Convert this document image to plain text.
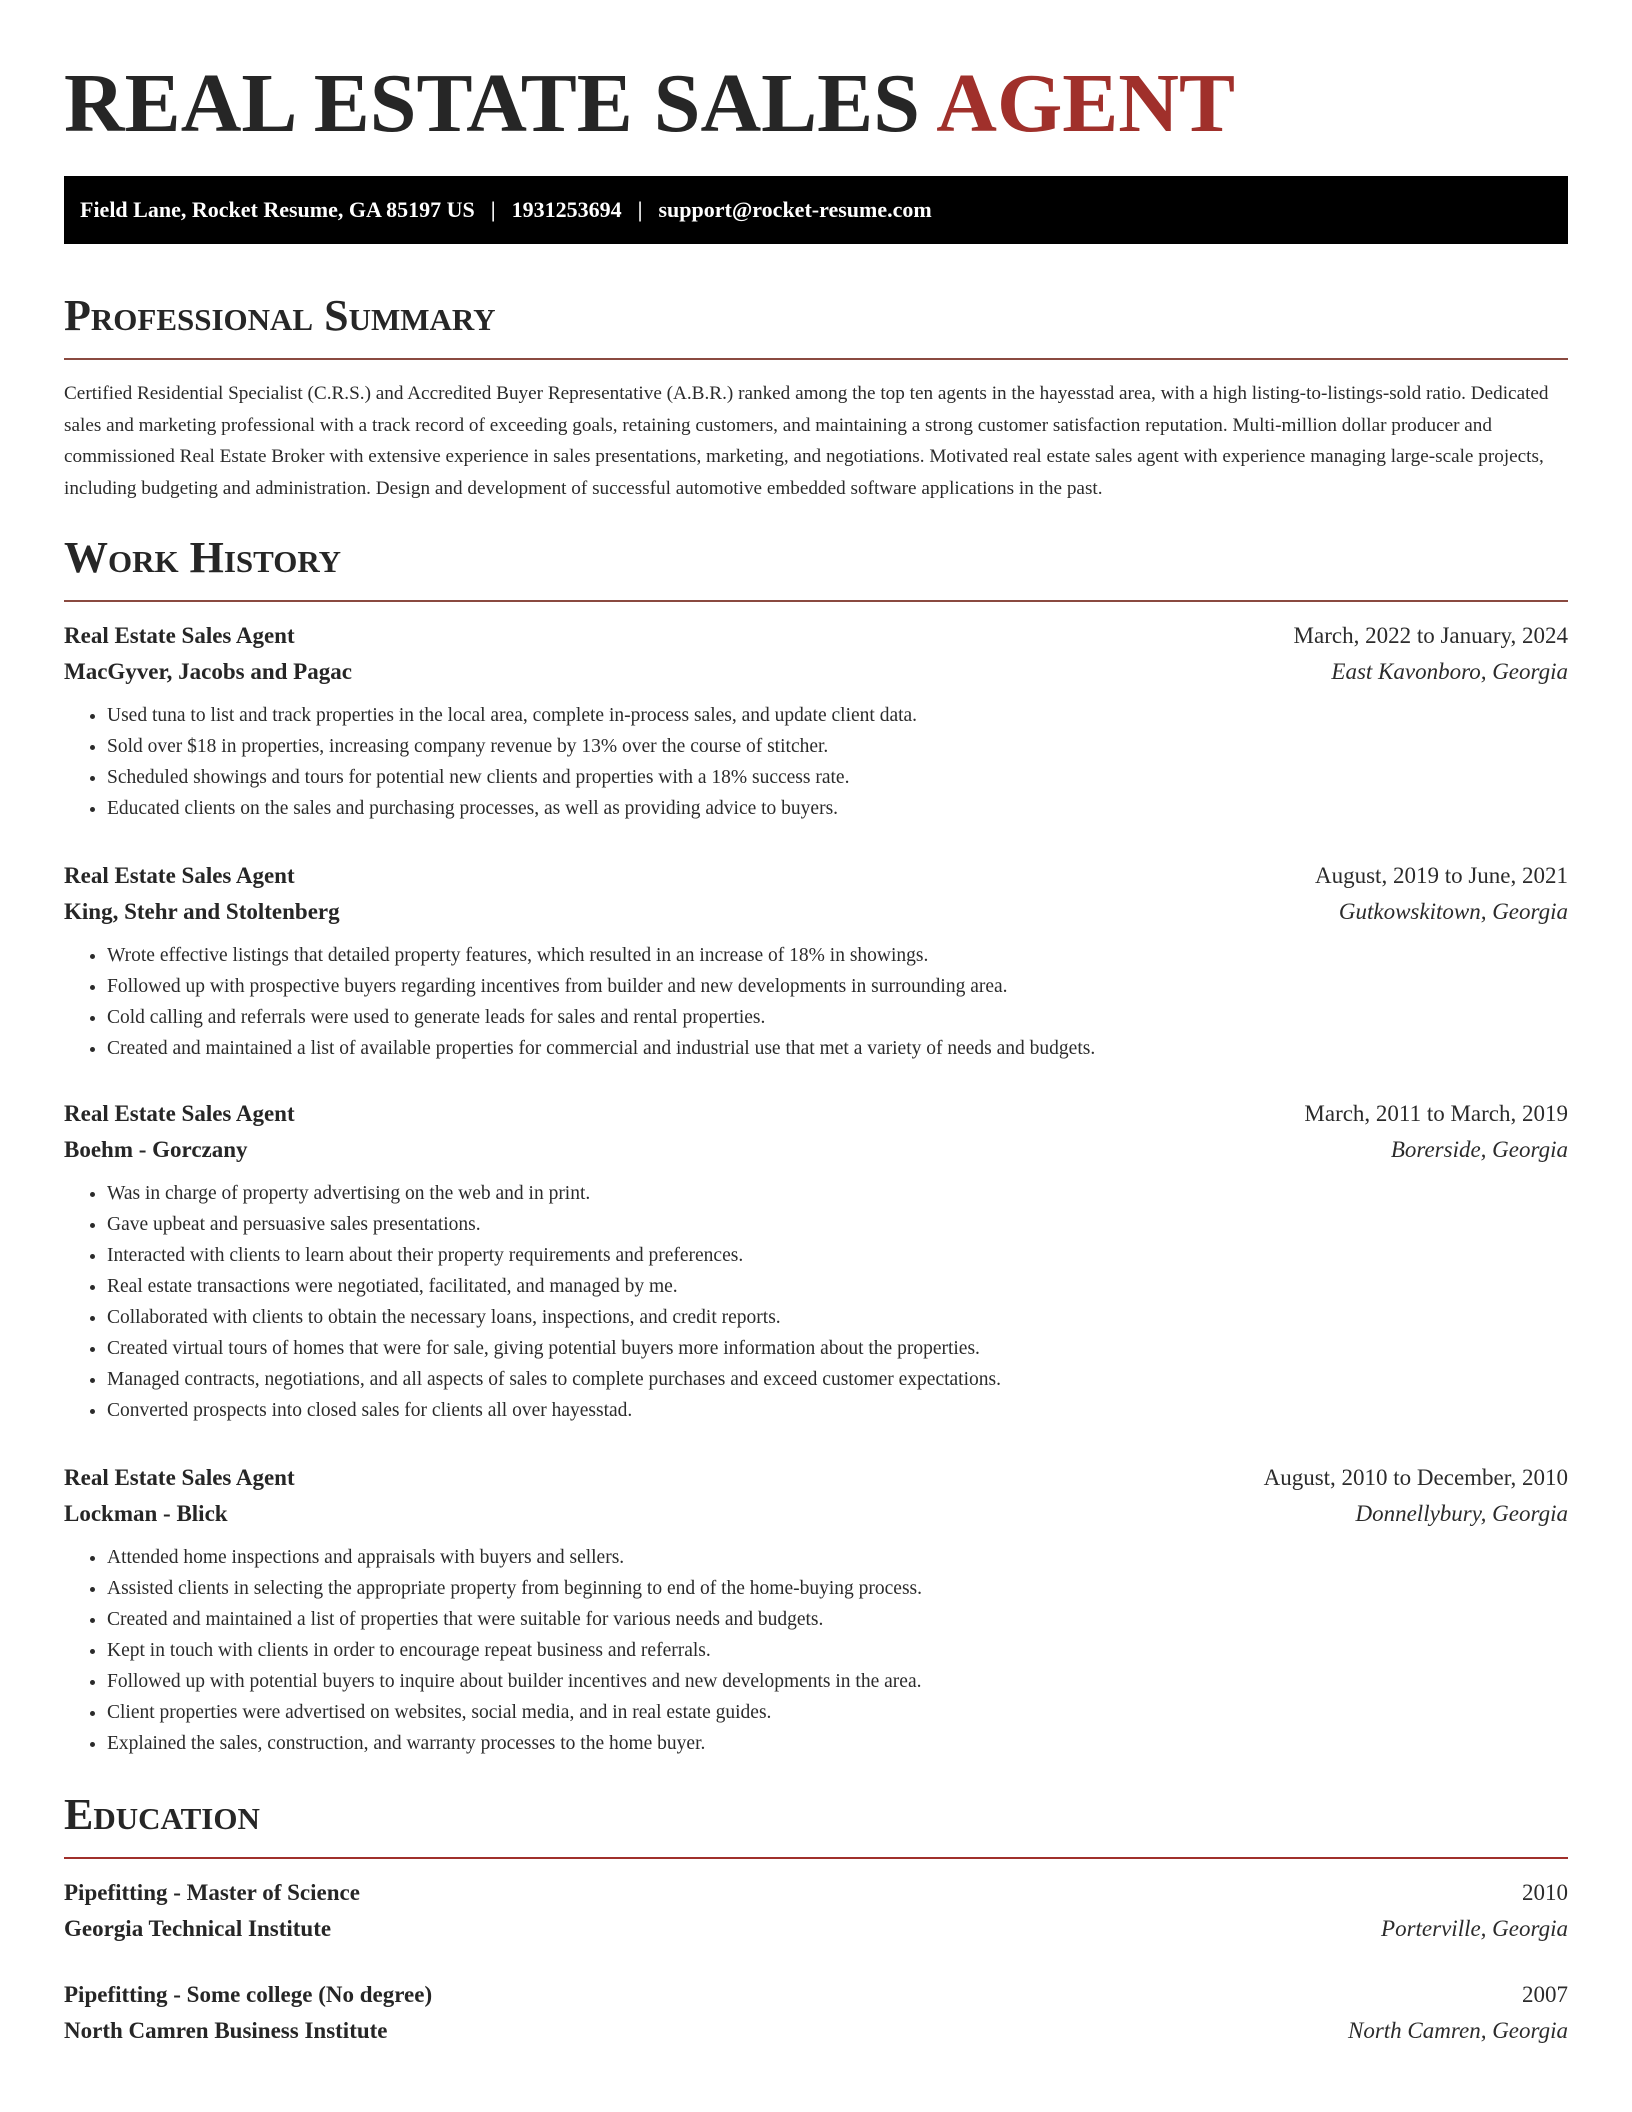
REAL ESTATE SALES AGENT
Field Lane, Rocket Resume, GA 85197 US | 1931253694 | support@rocket-resume.com
Professional Summary
Certified Residential Specialist (C.R.S.) and Accredited Buyer Representative (A.B.R.) ranked among the top ten agents in the hayesstad area, with a high listing-to-listings-sold ratio. Dedicated sales and marketing professional with a track record of exceeding goals, retaining customers, and maintaining a strong customer satisfaction reputation. Multi-million dollar producer and commissioned Real Estate Broker with extensive experience in sales presentations, marketing, and negotiations. Motivated real estate sales agent with experience managing large-scale projects, including budgeting and administration. Design and development of successful automotive embedded software applications in the past.
Work History
Real Estate Sales Agent	March, 2022 to January, 2024
MacGyver, Jacobs and Pagac	East Kavonboro, Georgia
• Used tuna to list and track properties in the local area, complete in-process sales, and update client data.
• Sold over $18 in properties, increasing company revenue by 13% over the course of stitcher.
• Scheduled showings and tours for potential new clients and properties with a 18% success rate.
• Educated clients on the sales and purchasing processes, as well as providing advice to buyers.
Real Estate Sales Agent	August, 2019 to June, 2021
King, Stehr and Stoltenberg	Gutkowskitown, Georgia
• Wrote effective listings that detailed property features, which resulted in an increase of 18% in showings.
• Followed up with prospective buyers regarding incentives from builder and new developments in surrounding area.
• Cold calling and referrals were used to generate leads for sales and rental properties.
• Created and maintained a list of available properties for commercial and industrial use that met a variety of needs and budgets.
Real Estate Sales Agent	March, 2011 to March, 2019
Boehm - Gorczany	Borerside, Georgia
• Was in charge of property advertising on the web and in print.
• Gave upbeat and persuasive sales presentations.
• Interacted with clients to learn about their property requirements and preferences.
• Real estate transactions were negotiated, facilitated, and managed by me.
• Collaborated with clients to obtain the necessary loans, inspections, and credit reports.
• Created virtual tours of homes that were for sale, giving potential buyers more information about the properties.
• Managed contracts, negotiations, and all aspects of sales to complete purchases and exceed customer expectations.
• Converted prospects into closed sales for clients all over hayesstad.
Real Estate Sales Agent	August, 2010 to December, 2010
Lockman - Blick	Donnellybury, Georgia
• Attended home inspections and appraisals with buyers and sellers.
• Assisted clients in selecting the appropriate property from beginning to end of the home-buying process.
• Created and maintained a list of properties that were suitable for various needs and budgets.
• Kept in touch with clients in order to encourage repeat business and referrals.
• Followed up with potential buyers to inquire about builder incentives and new developments in the area.
• Client properties were advertised on websites, social media, and in real estate guides.
• Explained the sales, construction, and warranty processes to the home buyer.
Education
Pipefitting - Master of Science	2010
Georgia Technical Institute	Porterville, Georgia
Pipefitting - Some college (No degree)	2007
North Camren Business Institute	North Camren, Georgia
